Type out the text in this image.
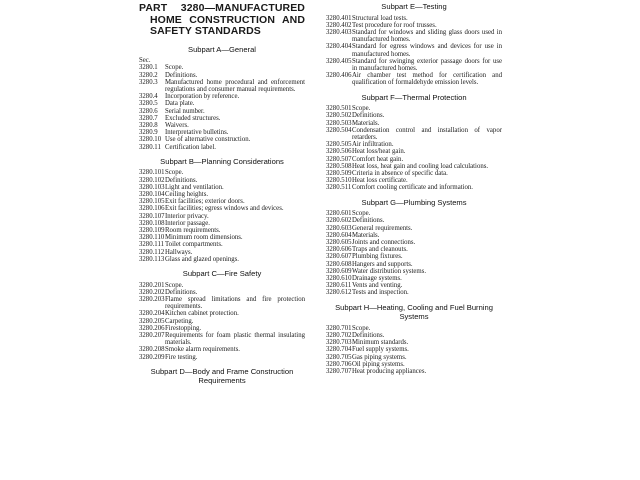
PART 3280—MANUFACTURED
HOME CONSTRUCTION AND
SAFETY STANDARDS
Subpart A—General
Sec.
3280.1 Scope.
3280.2 Definitions.
3280.3 Manufactured home procedural and enforcement regulations and consumer manual requirements.
3280.4 Incorporation by reference.
3280.5 Data plate.
3280.6 Serial number.
3280.7 Excluded structures.
3280.8 Waivers.
3280.9 Interpretative bulletins.
3280.10 Use of alternative construction.
3280.11 Certification label.
Subpart B—Planning Considerations
3280.101Scope.
3280.102Definitions.
3280.103Light and ventilation.
3280.104Ceiling heights.
3280.105Exit facilities; exterior doors.
3280.106Exit facilities; egress windows and devices.
3280.107Interior privacy.
3280.108Interior passage.
3280.109Room requirements.
3280.110Minimum room dimensions.
3280.111Toilet compartments.
3280.112Hallways.
3280.113Glass and glazed openings.
Subpart C—Fire Safety
3280.201Scope.
3280.202Definitions.
3280.203Flame spread limitations and fire protection requirements.
3280.204Kitchen cabinet protection.
3280.205Carpeting.
3280.206Firestopping.
3280.207Requirements for foam plastic thermal insulating materials.
3280.208Smoke alarm requirements.
3280.209Fire testing.
Subpart D—Body and Frame Construction Requirements
Subpart E—Testing
3280.401Structural load tests.
3280.402Test procedure for roof trusses.
3280.403Standard for windows and sliding glass doors used in manufactured homes.
3280.404Standard for egress windows and devices for use in manufactured homes.
3280.405Standard for swinging exterior passage doors for use in manufactured homes.
3280.406Air chamber test method for certification and qualification of formaldehyde emission levels.
Subpart F—Thermal Protection
3280.501Scope.
3280.502Definitions.
3280.503Materials.
3280.504Condensation control and installation of vapor retarders.
3280.505Air infiltration.
3280.506Heat loss/heat gain.
3280.507Comfort heat gain.
3280.508Heat loss, heat gain and cooling load calculations.
3280.509Criteria in absence of specific data.
3280.510Heat loss certificate.
3280.511Comfort cooling certificate and information.
Subpart G—Plumbing Systems
3280.601Scope.
3280.602Definitions.
3280.603General requirements.
3280.604Materials.
3280.605Joints and connections.
3280.606Traps and cleanouts.
3280.607Plumbing fixtures.
3280.608Hangers and supports.
3280.609Water distribution systems.
3280.610Drainage systems.
3280.611Vents and venting.
3280.612Tests and inspection.
Subpart H—Heating, Cooling and Fuel Burning Systems
3280.701Scope.
3280.702Definitions.
3280.703Minimum standards.
3280.704Fuel supply systems.
3280.705Gas piping systems.
3280.706Oil piping systems.
3280.707Heat producing appliances.
